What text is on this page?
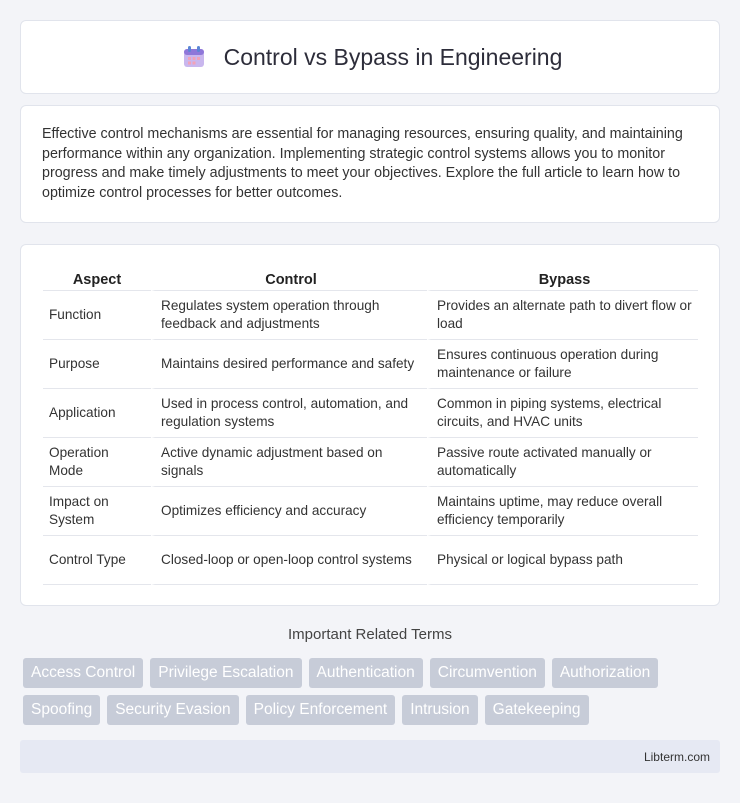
Control vs Bypass in Engineering

Effective control mechanisms are essential for managing resources, ensuring quality, and maintaining performance within any organization. Implementing strategic control systems allows you to monitor progress and make timely adjustments to meet your objectives. Explore the full article to learn how to optimize control processes for better outcomes.

Aspect	Control	Bypass
Function	Regulates system operation through feedback and adjustments	Provides an alternate path to divert flow or load
Purpose	Maintains desired performance and safety	Ensures continuous operation during maintenance or failure
Application	Used in process control, automation, and regulation systems	Common in piping systems, electrical circuits, and HVAC units
Operation Mode	Active dynamic adjustment based on signals	Passive route activated manually or automatically
Impact on System	Optimizes efficiency and accuracy	Maintains uptime, may reduce overall efficiency temporarily
Control Type	Closed-loop or open-loop control systems	Physical or logical bypass path
Important Related Terms
Access Control	Privilege Escalation	Authentication	Circumvention	Authorization
Spoofing	Security Evasion	Policy Enforcement	Intrusion	Gatekeeping
Libterm.com
